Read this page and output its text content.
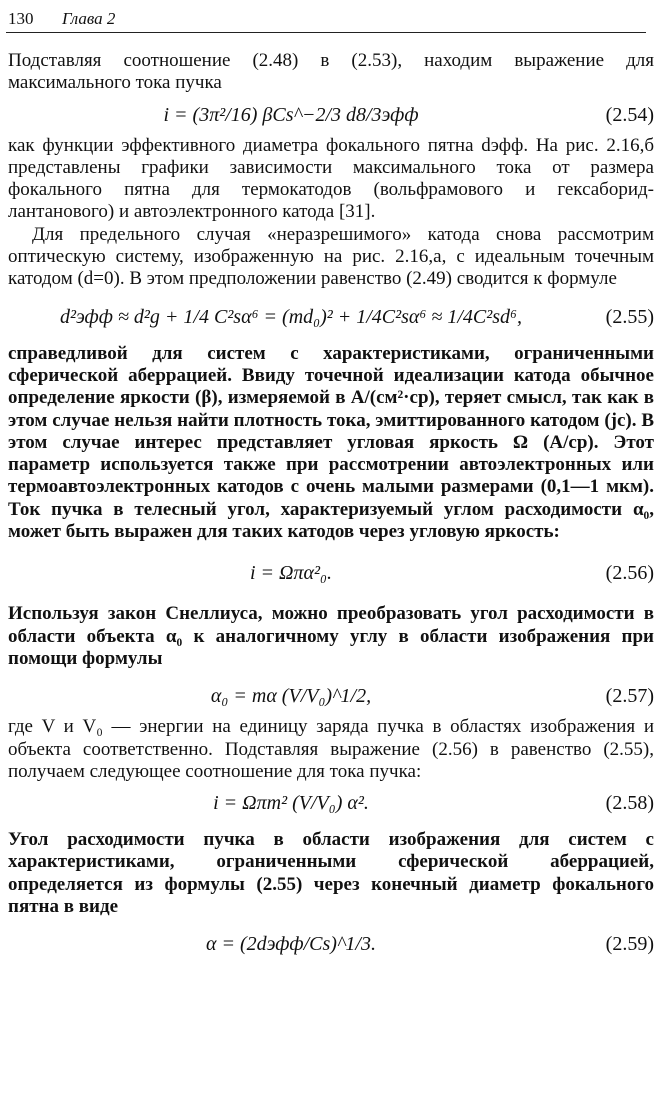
130 Глава 2

Подставляя соотношение (2.48) в (2.53), находим выражение для максимального тока пучка

i = (3π²/16) βCs^−2/3 d8/3эфф	(2.54)

как функции эффективного диаметра фокального пятна dэфф. На рис. 2.16,б представлены графики зависимости максимального тока от размера фокального пятна для термокатодов (вольфрамового и гексаборид-лантанового) и автоэлектронного катода [31].

Для предельного случая «неразрешимого» катода снова рассмотрим оптическую систему, изображенную на рис. 2.16,а, с идеальным точечным катодом (d=0). В этом предположении равенство (2.49) сводится к формуле

d²эфф ≈ d²g + 1/4 C²sα⁶ = (md₀)² + 1/4C²sα⁶ ≈ 1/4C²sd⁶,	(2.55)

справедливой для систем с характеристиками, ограниченными сферической аберрацией. Ввиду точечной идеализации катода обычное определение яркости (β), измеряемой в А/(см²·ср), теряет смысл, так как в этом случае нельзя найти плотность тока, эмиттированного катодом (jc). В этом случае интерес представляет угловая яркость Ω (А/ср). Этот параметр используется также при рассмотрении автоэлектронных или термоавтоэлектронных катодов с очень малыми размерами (0,1—1 мкм). Ток пучка в телесный угол, характеризуемый углом расходимости α₀, может быть выражен для таких катодов через угловую яркость:

i = Ωπα²₀.	(2.56)

Используя закон Снеллиуса, можно преобразовать угол расходимости в области объекта α₀ к аналогичному углу в области изображения при помощи формулы

α₀ = mα (V/V₀)^1/2,	(2.57)

где V и V₀ — энергии на единицу заряда пучка в областях изображения и объекта соответственно. Подставляя выражение (2.56) в равенство (2.55), получаем следующее соотношение для тока пучка:

i = Ωπm² (V/V₀) α².	(2.58)

Угол расходимости пучка в области изображения для систем с характеристиками, ограниченными сферической аберрацией, определяется из формулы (2.55) через конечный диаметр фокального пятна в виде

α = (2dэфф/Cs)^1/3.	(2.59)
